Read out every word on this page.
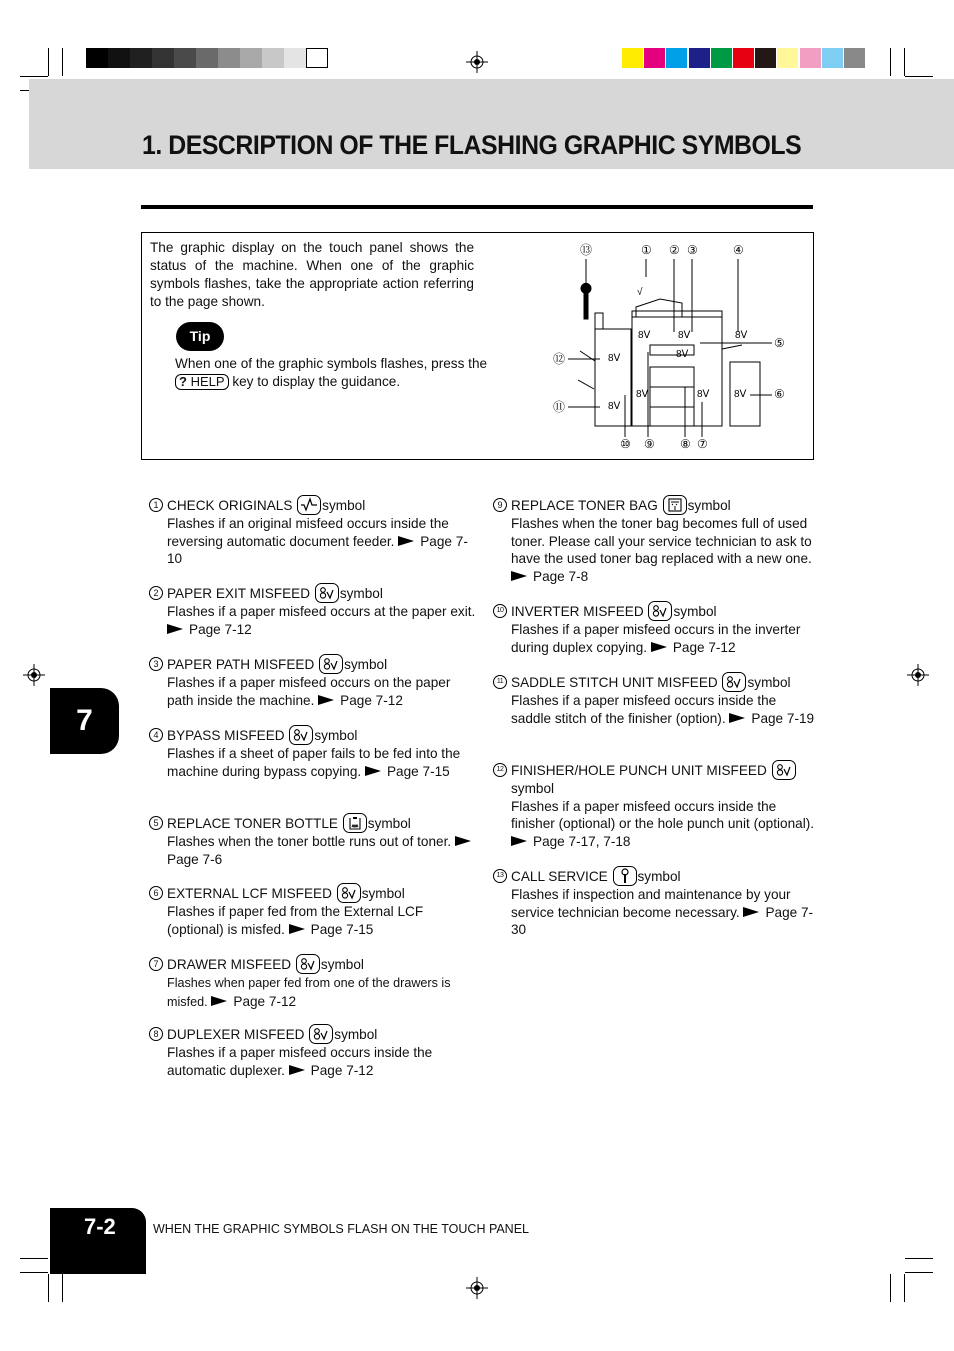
1. DESCRIPTION OF THE FLASHING GRAPHIC SYMBOLS
The graphic display on the touch panel shows the status of the machine. When one of the graphic symbols flashes, take the appropriate action referring to the page shown.
Tip
When one of the graphic symbols flashes, press the ? HELP key to display the guidance.
⑬	① ② ③	④
⑤
⑥
⑫
⑪
⑩ ⑨ ⑧ ⑦
√
8ᐯ	8ᐯ	8ᐯ
8ᐯ
8ᐯ
8ᐯ	8ᐯ 8ᐯ
8ᐯ
1 CHECK ORIGINALS symbol
Flashes if an original misfeed occurs inside the reversing automatic document feeder. Page 7-10
2 PAPER EXIT MISFEED symbol
Flashes if a paper misfeed occurs at the paper exit. Page 7-12
3 PAPER PATH MISFEED symbol
Flashes if a paper misfeed occurs on the paper path inside the machine. Page 7-12
4 BYPASS MISFEED symbol
Flashes if a sheet of paper fails to be fed into the machine during bypass copying. Page 7-15
5 REPLACE TONER BOTTLE symbol
Flashes when the toner bottle runs out of toner. Page 7-6
6 EXTERNAL LCF MISFEED symbol
Flashes if paper fed from the External LCF (optional) is misfed. Page 7-15
7 DRAWER MISFEED symbol
Flashes when paper fed from one of the drawers is misfed. Page 7-12
8 DUPLEXER MISFEED symbol
Flashes if a paper misfeed occurs inside the automatic duplexer. Page 7-12
9 REPLACE TONER BAG symbol
Flashes when the toner bag becomes full of used toner. Please call your service technician to ask to have the used toner bag replaced with a new one. Page 7-8
10 INVERTER MISFEED symbol
Flashes if a paper misfeed occurs in the inverter during duplex copying. Page 7-12
11 SADDLE STITCH UNIT MISFEED symbol
Flashes if a paper misfeed occurs inside the saddle stitch of the finisher (option). Page 7-19
12 FINISHER/HOLE PUNCH UNIT MISFEED symbol
Flashes if a paper misfeed occurs inside the finisher (optional) or the hole punch unit (optional). Page 7-17, 7-18
13 CALL SERVICE symbol
Flashes if inspection and maintenance by your service technician become necessary. Page 7-30
7
7-2	WHEN THE GRAPHIC SYMBOLS FLASH ON THE TOUCH PANEL
